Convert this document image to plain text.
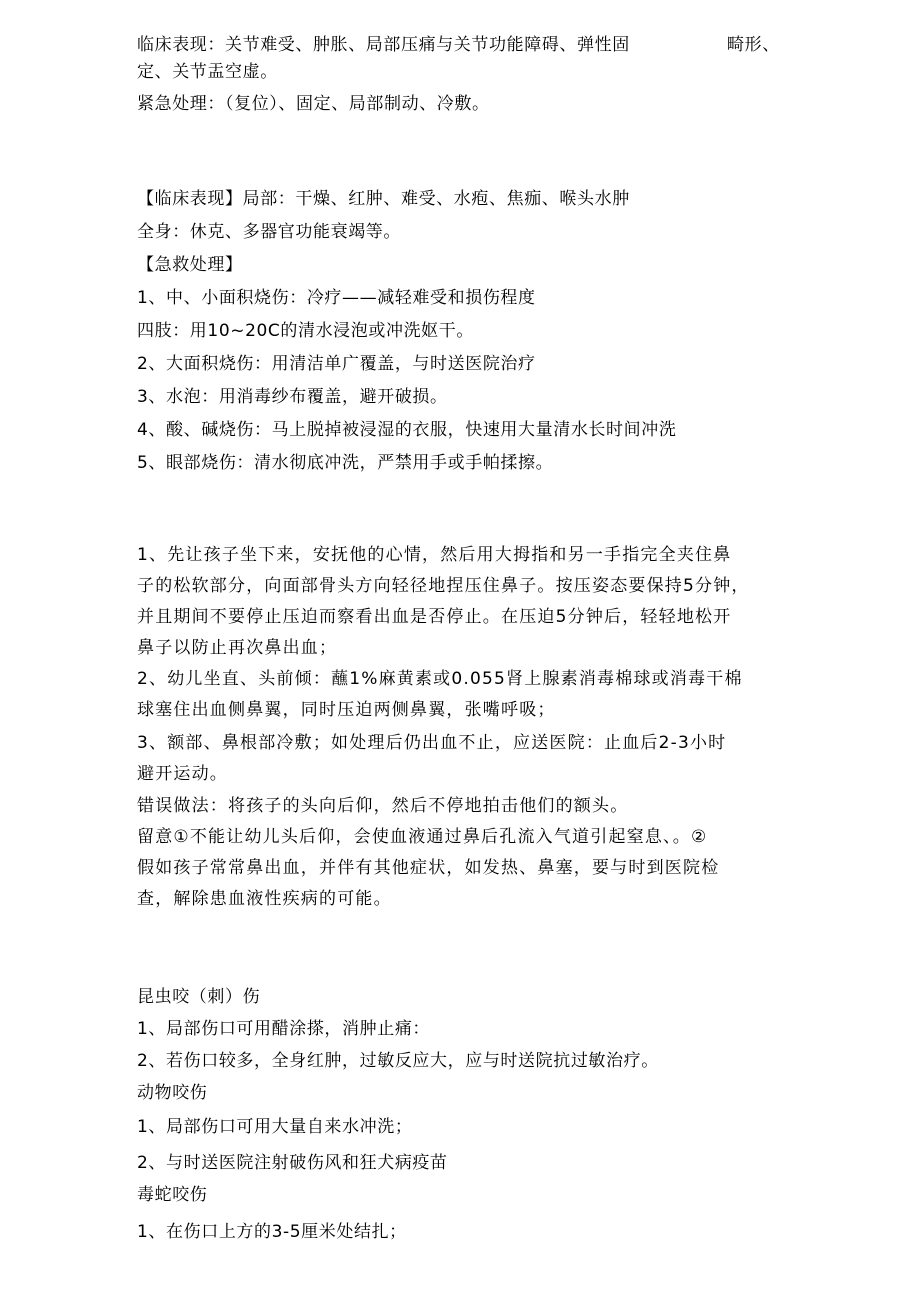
临床表现：关节难受、肿胀、局部压痛与关节功能障碍、弹性固	畸形、
定、关节盂空虚。
紧急处理：（复位）、固定、局部制动、冷敷。
【临床表现】局部：干燥、红肿、难受、水疱、焦痂、喉头水肿
全身：休克、多器官功能衰竭等。
【急救处理】
1、中、小面积烧伤：冷疗——减轻难受和损伤程度
四肢：用10~20C的清水浸泡或冲洗妪干。
2、大面积烧伤：用清洁单广覆盖，与时送医院治疗
3、水泡：用消毒纱布覆盖，避开破损。
4、酸、碱烧伤：马上脱掉被浸湿的衣服，快速用大量清水长时间冲洗
5、眼部烧伤：清水彻底冲洗，严禁用手或手帕揉擦。
1、先让孩子坐下来，安抚他的心情，然后用大拇指和另一手指完全夹住鼻
子的松软部分，向面部骨头方向轻径地捏压住鼻子。按压姿态要保持5分钟，
并且期间不要停止压迫而察看出血是否停止。在压迫5分钟后，轻轻地松开
鼻子以防止再次鼻出血；
2、幼儿坐直、头前倾：蘸1%麻黄素或0.055肾上腺素消毒棉球或消毒干棉
球塞住出血侧鼻翼，同时压迫两侧鼻翼，张嘴呼吸；
3、额部、鼻根部冷敷；如处理后仍出血不止，应送医院：止血后2-3小时
避开运动。
错误做法：将孩子的头向后仰，然后不停地拍击他们的额头。
留意①不能让幼儿头后仰，会使血液通过鼻后孔流入气道引起窒息、。②
假如孩子常常鼻出血，并伴有其他症状，如发热、鼻塞，要与时到医院检
查，解除患血液性疾病的可能。
昆虫咬（刺）伤
1、局部伤口可用醋涂搽，消肿止痛：
2、若伤口较多，全身红肿，过敏反应大，应与时送院抗过敏治疗。
动物咬伤
1、局部伤口可用大量自来水冲洗；
2、与时送医院注射破伤风和狂犬病疫苗
毒蛇咬伤
1、在伤口上方的3-5厘米处结扎；
